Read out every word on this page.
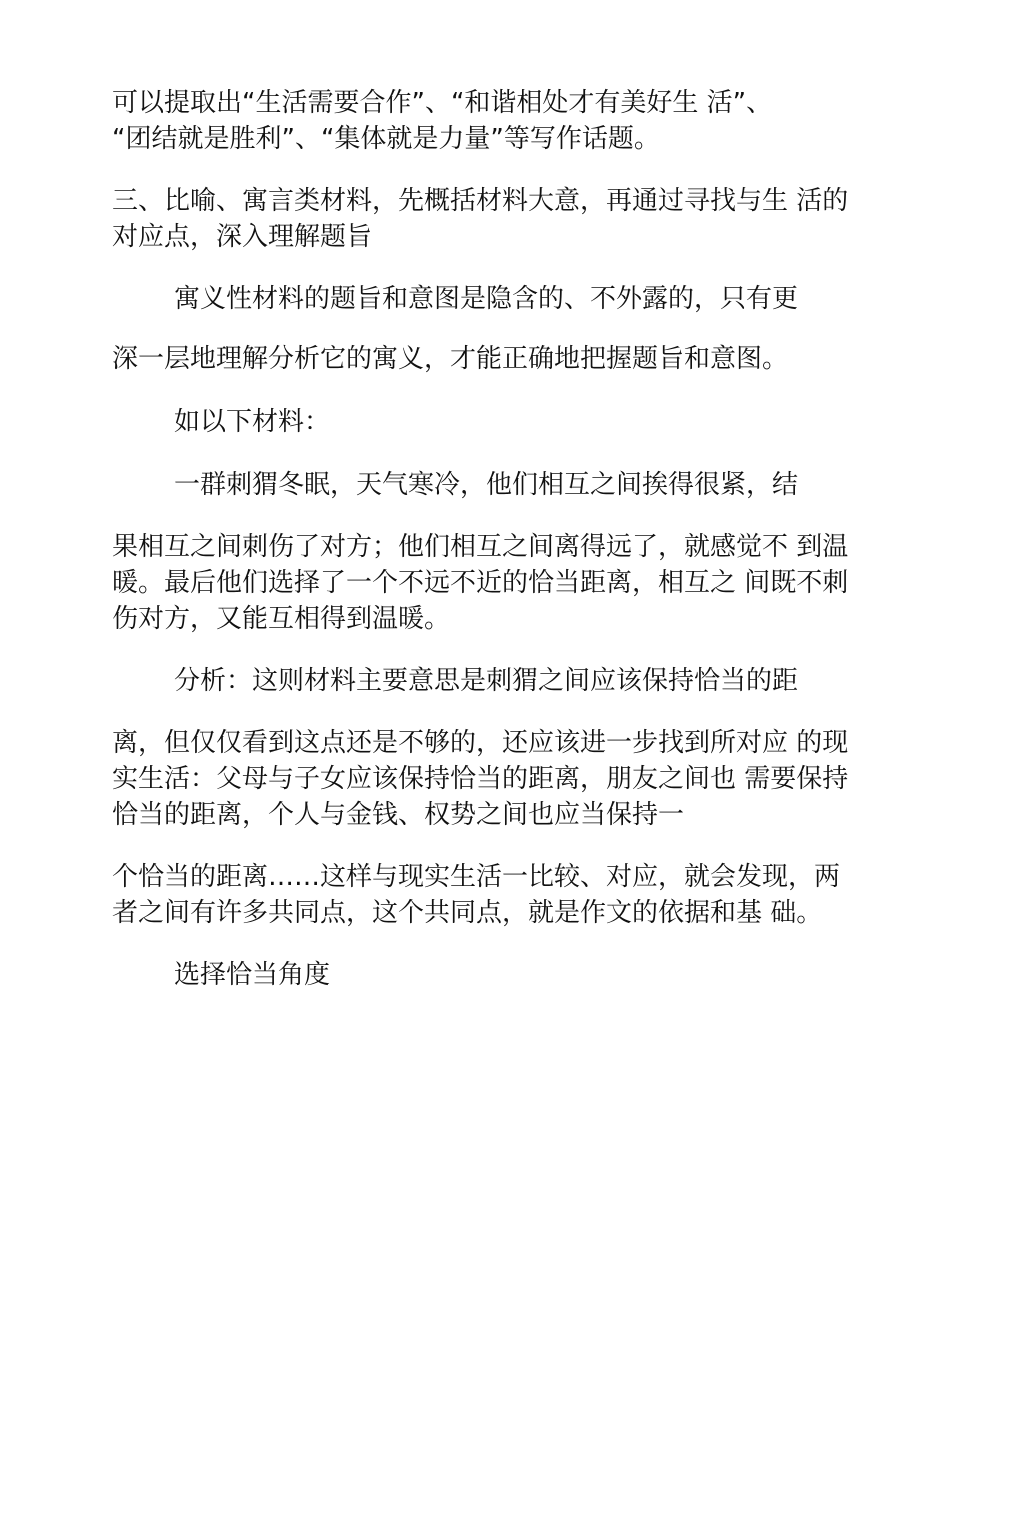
可以提取出“生活需要合作”、“和谐相处才有美好生 活”、
“团结就是胜利”、“集体就是力量”等写作话题。
三、比喻、寓言类材料，先概括材料大意，再通过寻找与生 活的
对应点，深入理解题旨
寓义性材料的题旨和意图是隐含的、不外露的，只有更
深一层地理解分析它的寓义，才能正确地把握题旨和意图。
如以下材料：
一群刺猬冬眠，天气寒冷，他们相互之间挨得很紧，结
果相互之间刺伤了对方；他们相互之间离得远了，就感觉不 到温
暖。最后他们选择了一个不远不近的恰当距离，相互之 间既不刺
伤对方，又能互相得到温暖。
分析：这则材料主要意思是刺猬之间应该保持恰当的距
离，但仅仅看到这点还是不够的，还应该进一步找到所对应 的现
实生活：父母与子女应该保持恰当的距离，朋友之间也 需要保持
恰当的距离，个人与金钱、权势之间也应当保持一
个恰当的距离……这样与现实生活一比较、对应，就会发现，两
者之间有许多共同点，这个共同点，就是作文的依据和基 础。
选择恰当角度
